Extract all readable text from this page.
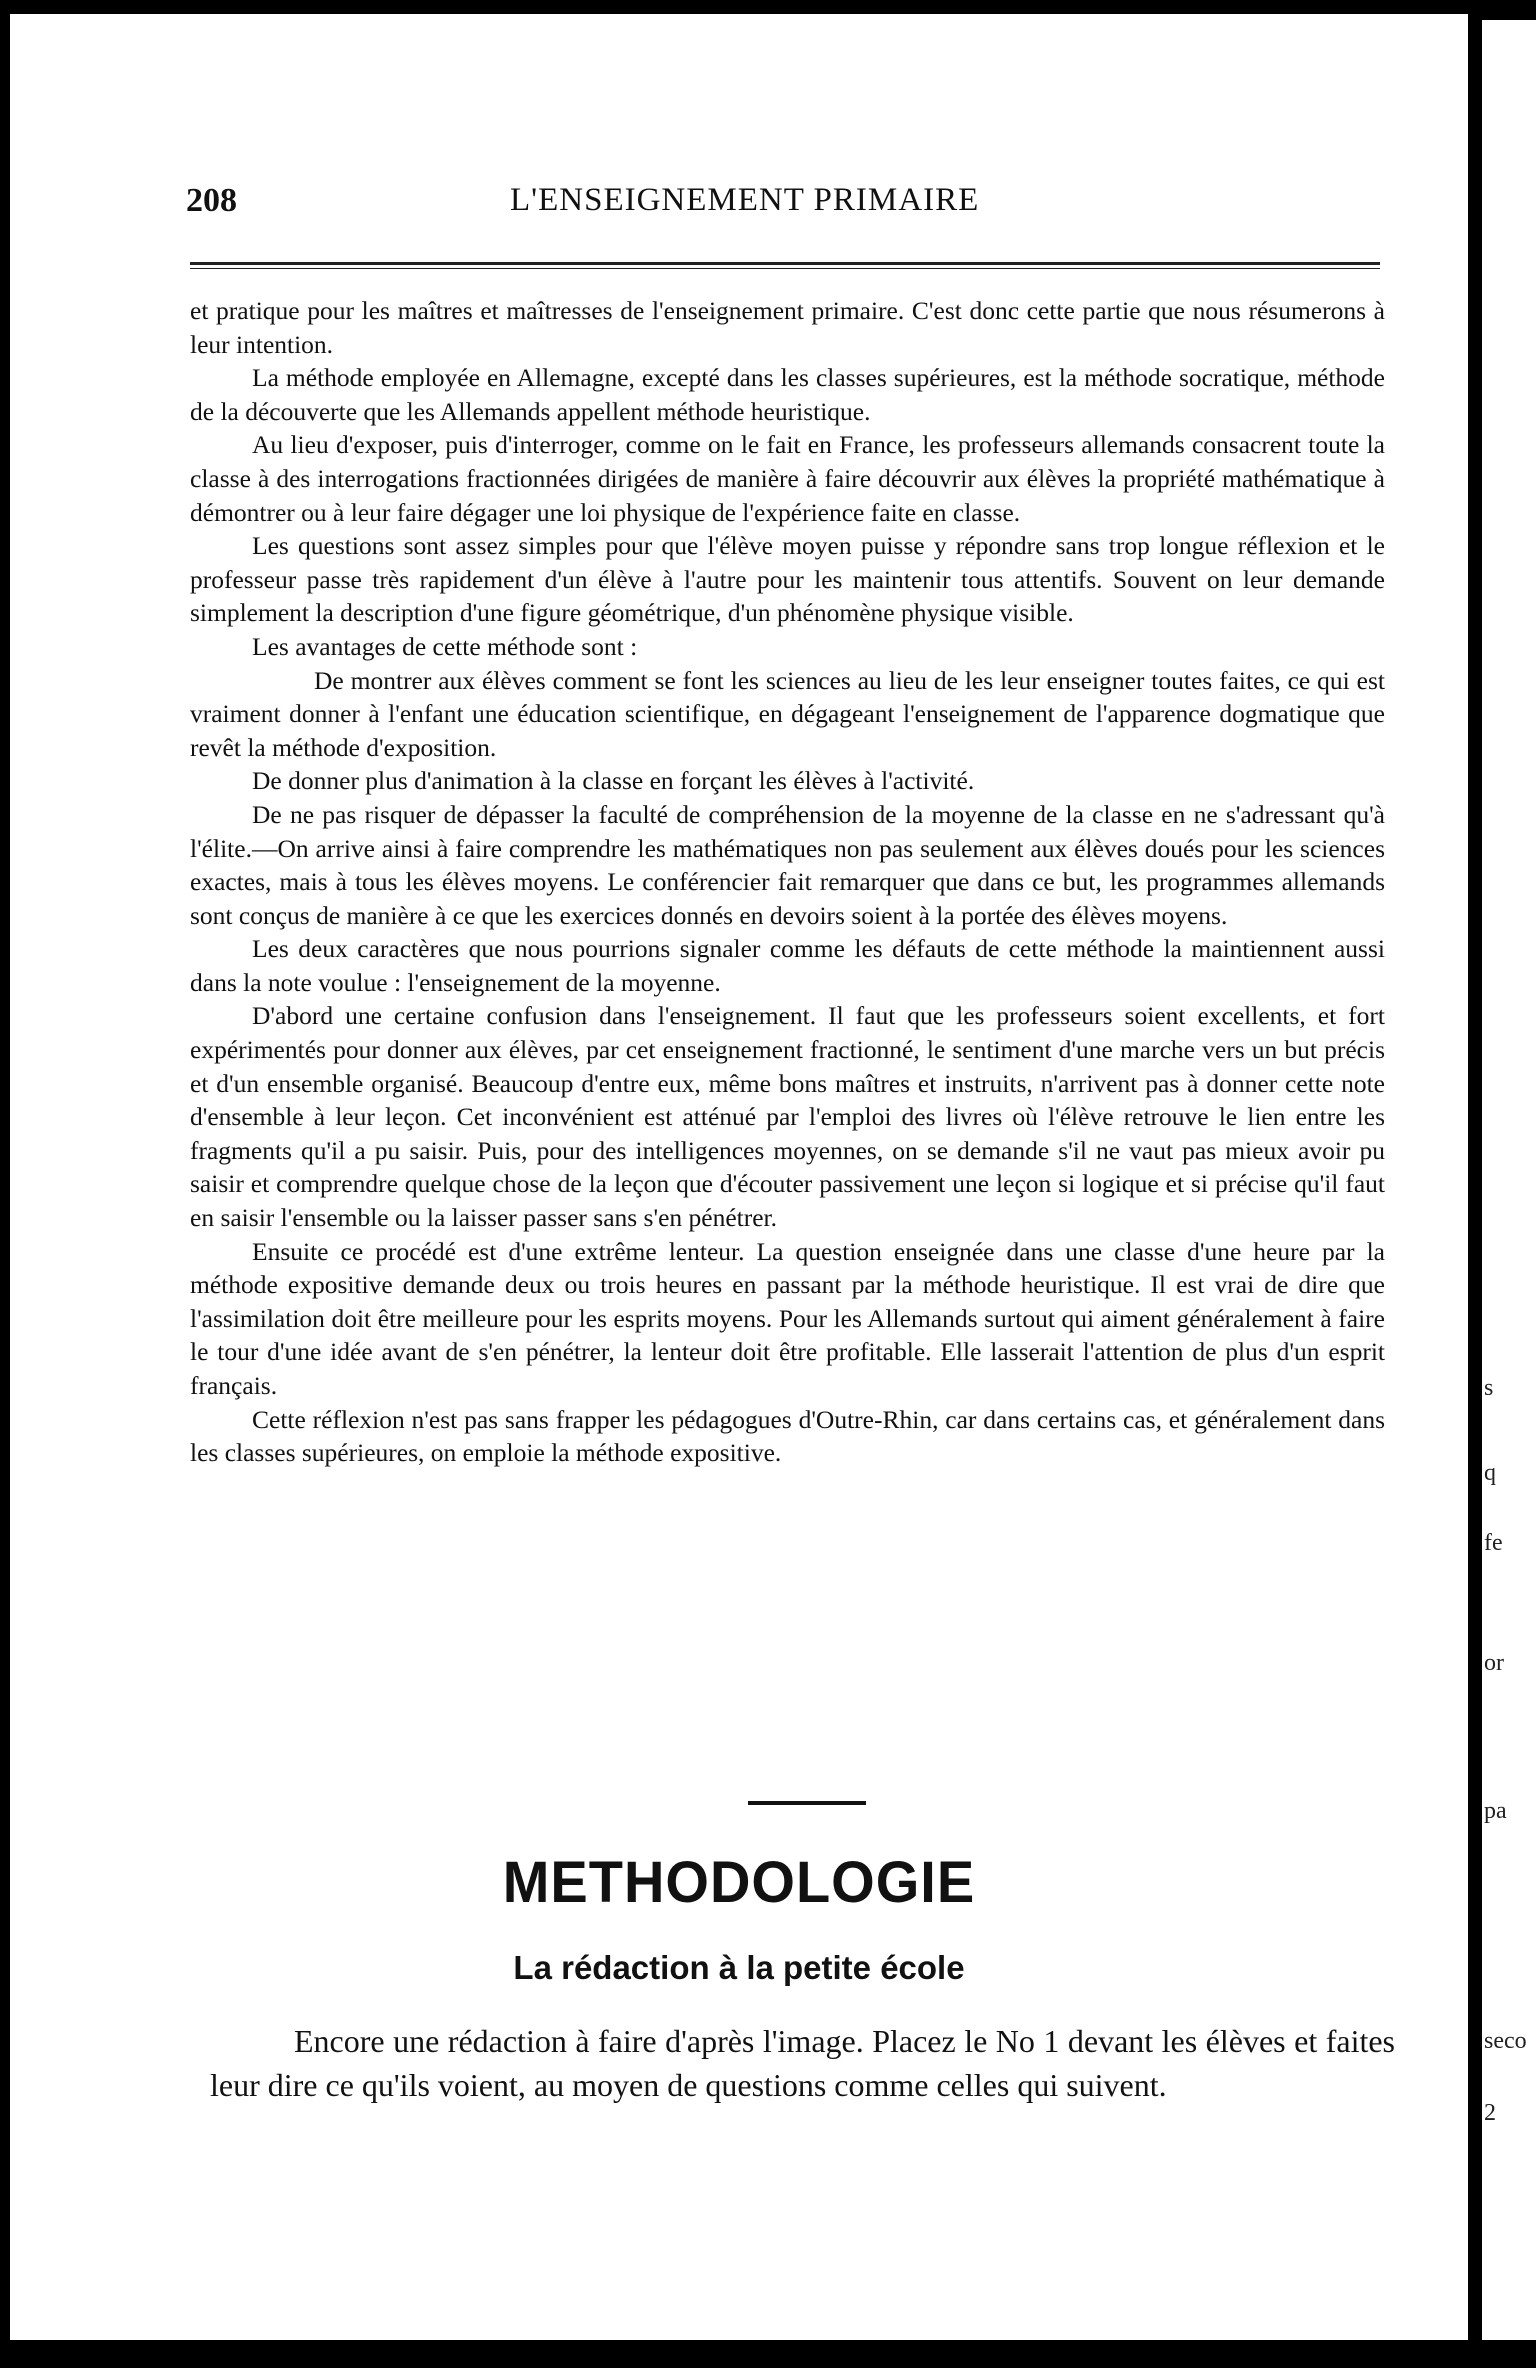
208	L'ENSEIGNEMENT PRIMAIRE

et pratique pour les maîtres et maîtresses de l'enseignement primaire. C'est donc cette partie que nous résumerons à leur intention.

La méthode employée en Allemagne, excepté dans les classes supérieures, est la méthode socratique, méthode de la découverte que les Allemands appellent méthode heuristique.

Au lieu d'exposer, puis d'interroger, comme on le fait en France, les professeurs allemands consacrent toute la classe à des interrogations fractionnées dirigées de manière à faire découvrir aux élèves la propriété mathématique à démontrer ou à leur faire dégager une loi physique de l'expérience faite en classe.

Les questions sont assez simples pour que l'élève moyen puisse y répondre sans trop longue réflexion et le professeur passe très rapidement d'un élève à l'autre pour les maintenir tous attentifs. Souvent on leur demande simplement la description d'une figure géométrique, d'un phénomène physique visible.

Les avantages de cette méthode sont :

De montrer aux élèves comment se font les sciences au lieu de les leur enseigner toutes faites, ce qui est vraiment donner à l'enfant une éducation scientifique, en dégageant l'enseignement de l'apparence dogmatique que revêt la méthode d'exposition.

De donner plus d'animation à la classe en forçant les élèves à l'activité.

De ne pas risquer de dépasser la faculté de compréhension de la moyenne de la classe en ne s'adressant qu'à l'élite.—On arrive ainsi à faire comprendre les mathématiques non pas seulement aux élèves doués pour les sciences exactes, mais à tous les élèves moyens. Le conférencier fait remarquer que dans ce but, les programmes allemands sont conçus de manière à ce que les exercices donnés en devoirs soient à la portée des élèves moyens.

Les deux caractères que nous pourrions signaler comme les défauts de cette méthode la maintiennent aussi dans la note voulue : l'enseignement de la moyenne.

D'abord une certaine confusion dans l'enseignement. Il faut que les professeurs soient excellents, et fort expérimentés pour donner aux élèves, par cet enseignement fractionné, le sentiment d'une marche vers un but précis et d'un ensemble organisé. Beaucoup d'entre eux, même bons maîtres et instruits, n'arrivent pas à donner cette note d'ensemble à leur leçon. Cet inconvénient est atténué par l'emploi des livres où l'élève retrouve le lien entre les fragments qu'il a pu saisir. Puis, pour des intelligences moyennes, on se demande s'il ne vaut pas mieux avoir pu saisir et comprendre quelque chose de la leçon que d'écouter passivement une leçon si logique et si précise qu'il faut en saisir l'ensemble ou la laisser passer sans s'en pénétrer.

Ensuite ce procédé est d'une extrême lenteur. La question enseignée dans une classe d'une heure par la méthode expositive demande deux ou trois heures en passant par la méthode heuristique. Il est vrai de dire que l'assimilation doit être meilleure pour les esprits moyens. Pour les Allemands surtout qui aiment généralement à faire le tour d'une idée avant de s'en pénétrer, la lenteur doit être profitable. Elle lasserait l'attention de plus d'un esprit français.

Cette réflexion n'est pas sans frapper les pédagogues d'Outre-Rhin, car dans certains cas, et généralement dans les classes supérieures, on emploie la méthode expositive.

METHODOLOGIE
La rédaction à la petite école

Encore une rédaction à faire d'après l'image. Placez le No 1 devant les élèves et faites leur dire ce qu'ils voient, au moyen de questions comme celles qui suivent.

s
q
fe
or
pa
seco
2
